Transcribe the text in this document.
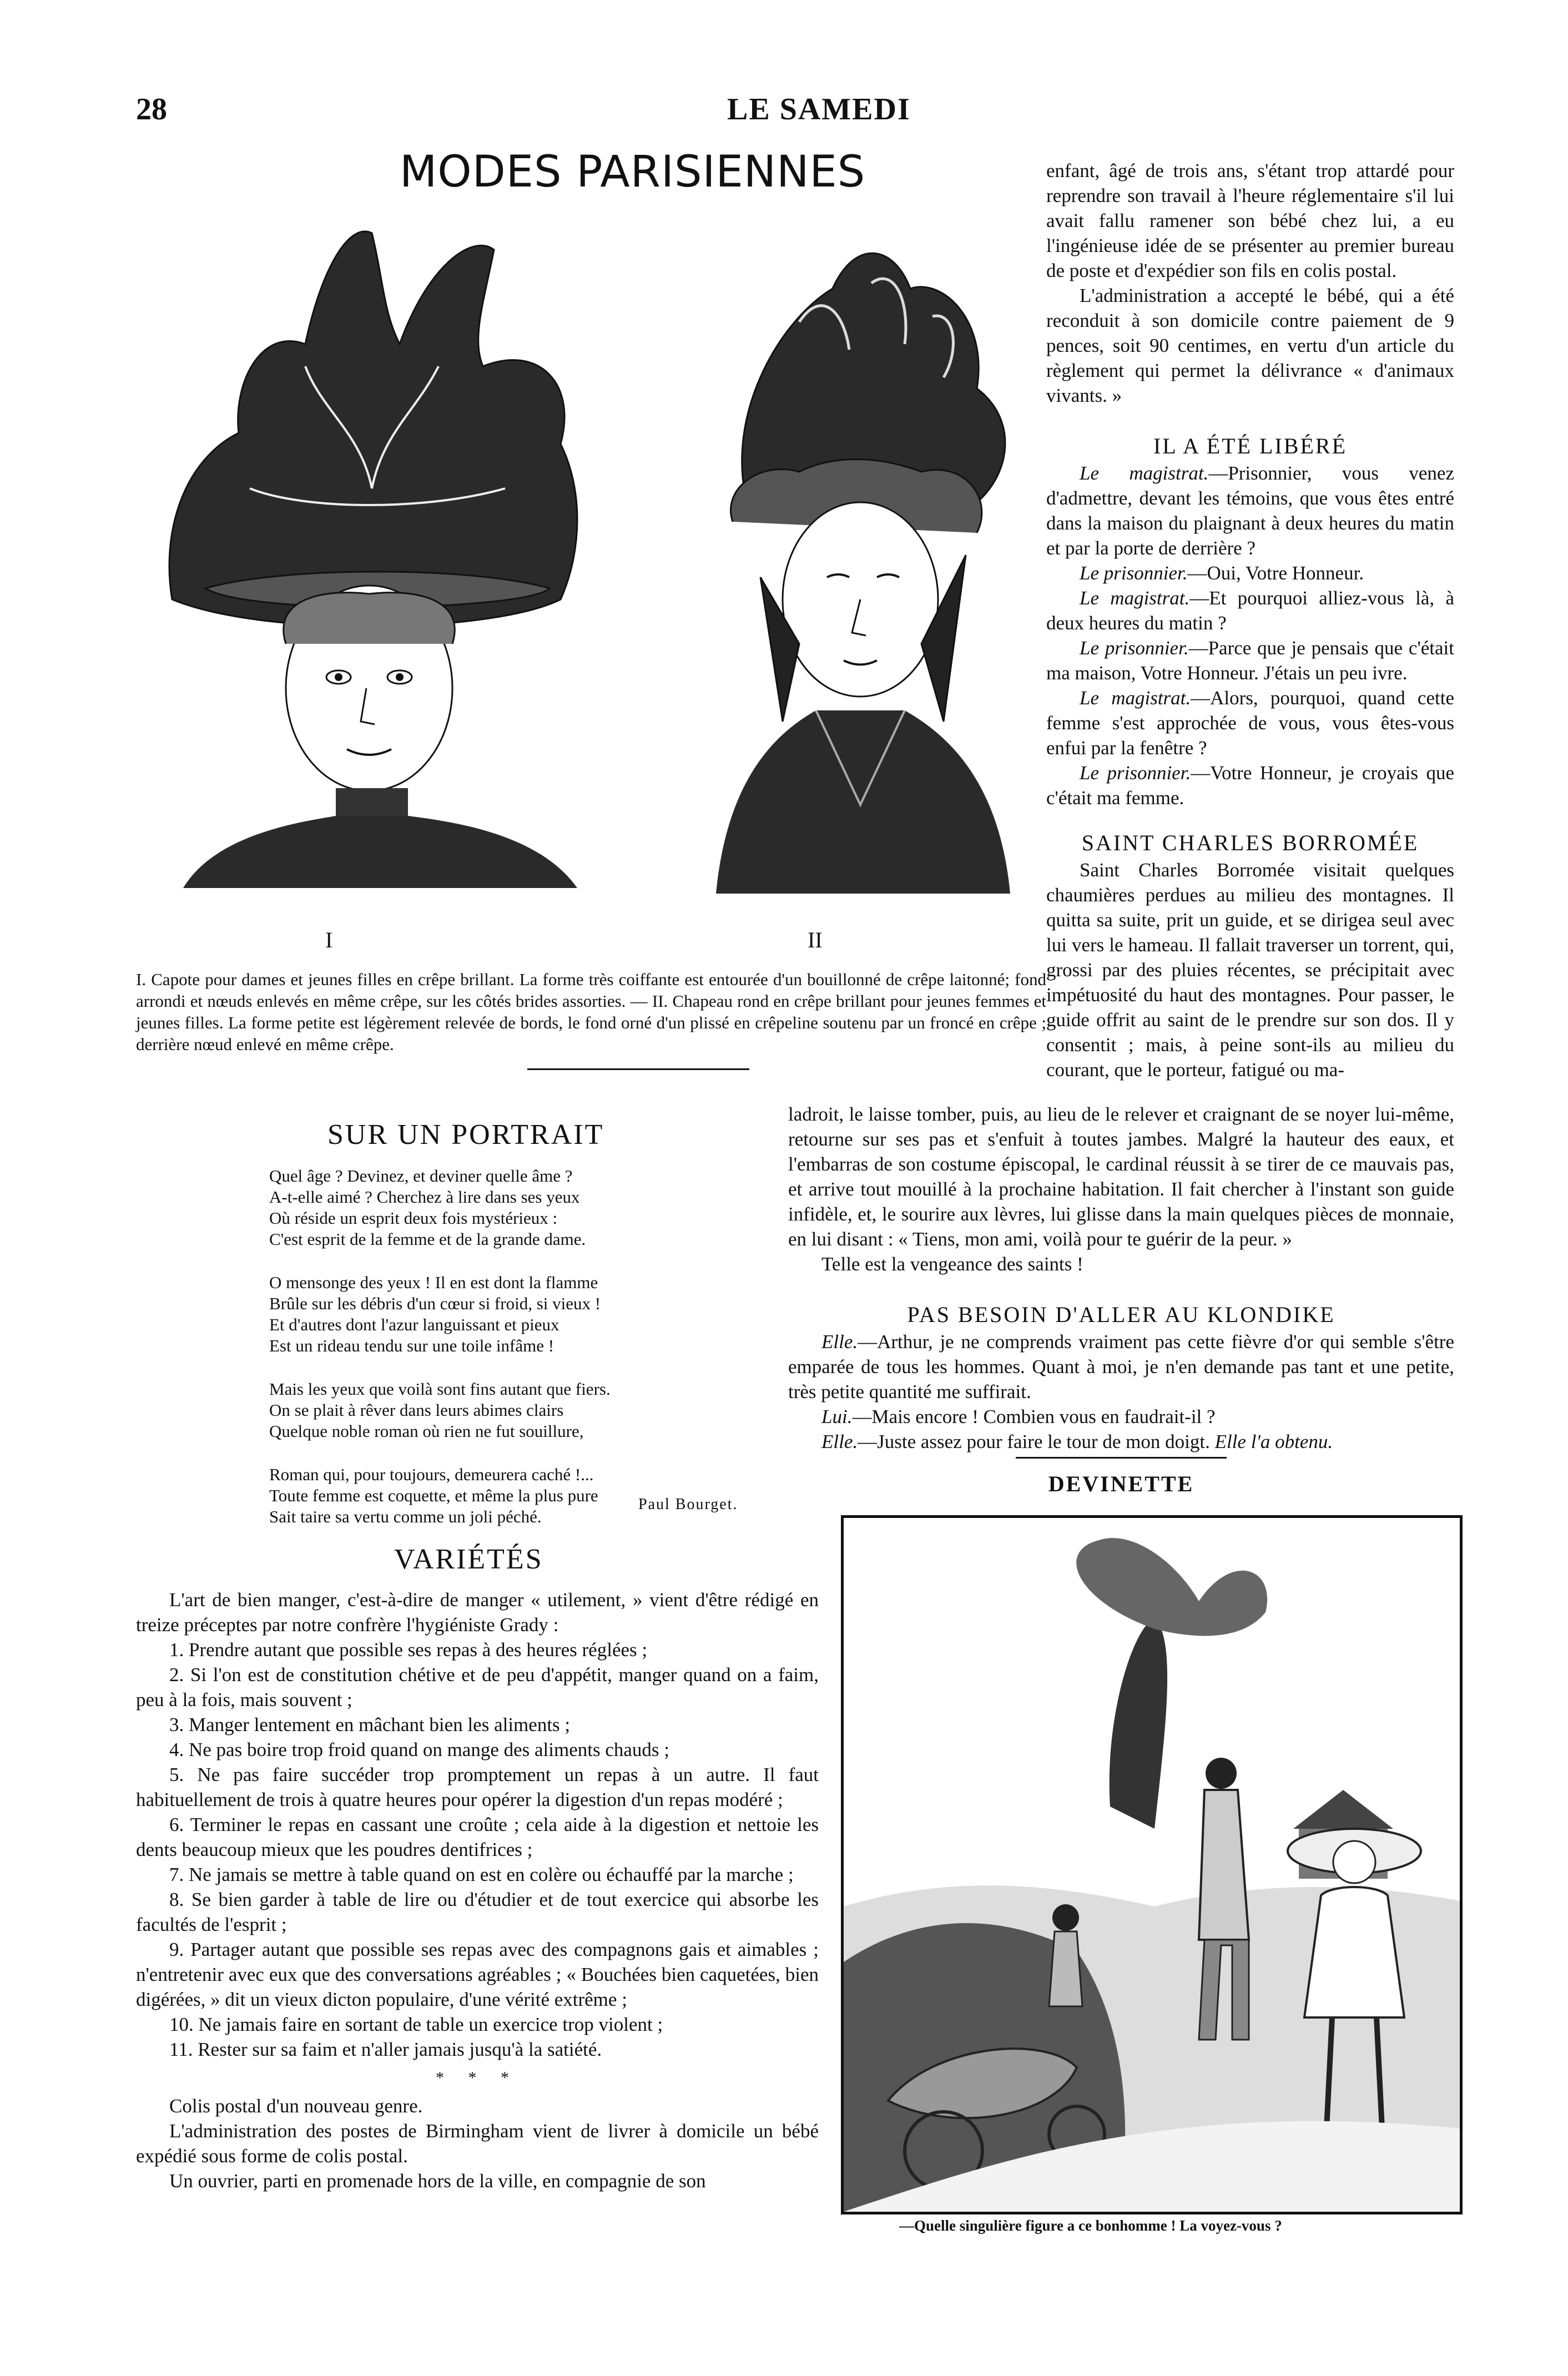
28	LE SAMEDI
MODES PARISIENNES
I	II

I. Capote pour dames et jeunes filles en crêpe brillant. La forme très coiffante est entourée d'un bouillonné de crêpe laitonné; fond arrondi et nœuds enlevés en même crêpe, sur les côtés brides assorties. — II. Chapeau rond en crêpe brillant pour jeunes femmes et jeunes filles. La forme petite est légèrement relevée de bords, le fond orné d'un plissé en crêpeline soutenu par un froncé en crêpe ; derrière nœud enlevé en même crêpe.

SUR UN PORTRAIT
Quel âge ? Devinez, et deviner quelle âme ?
A-t-elle aimé ? Cherchez à lire dans ses yeux
Où réside un esprit deux fois mystérieux :
C'est esprit de la femme et de la grande dame.
O mensonge des yeux ! Il en est dont la flamme
Brûle sur les débris d'un cœur si froid, si vieux !
Et d'autres dont l'azur languissant et pieux
Est un rideau tendu sur une toile infâme !
Mais les yeux que voilà sont fins autant que fiers.
On se plait à rêver dans leurs abimes clairs
Quelque noble roman où rien ne fut souillure,
Roman qui, pour toujours, demeurera caché !...
Toute femme est coquette, et même la plus pure
Sait taire sa vertu comme un joli péché.
Paul Bourget.
VARIÉTÉS

L'art de bien manger, c'est-à-dire de manger « utilement, » vient d'être rédigé en treize préceptes par notre confrère l'hygiéniste Grady :

1. Prendre autant que possible ses repas à des heures réglées ;

2. Si l'on est de constitution chétive et de peu d'appétit, manger quand on a faim, peu à la fois, mais souvent ;

3. Manger lentement en mâchant bien les aliments ;

4. Ne pas boire trop froid quand on mange des aliments chauds ;

5. Ne pas faire succéder trop promptement un repas à un autre. Il faut habituellement de trois à quatre heures pour opérer la digestion d'un repas modéré ;

6. Terminer le repas en cassant une croûte ; cela aide à la digestion et nettoie les dents beaucoup mieux que les poudres dentifrices ;

7. Ne jamais se mettre à table quand on est en colère ou échauffé par la marche ;

8. Se bien garder à table de lire ou d'étudier et de tout exercice qui absorbe les facultés de l'esprit ;

9. Partager autant que possible ses repas avec des compagnons gais et aimables ; n'entretenir avec eux que des conversations agréables ; « Bouchées bien caquetées, bien digérées, » dit un vieux dicton populaire, d'une vérité extrême ;

10. Ne jamais faire en sortant de table un exercice trop violent ;

11. Rester sur sa faim et n'aller jamais jusqu'à la satiété.

* * *

Colis postal d'un nouveau genre.

L'administration des postes de Birmingham vient de livrer à domicile un bébé expédié sous forme de colis postal.

Un ouvrier, parti en promenade hors de la ville, en compagnie de son

enfant, âgé de trois ans, s'étant trop attardé pour reprendre son travail à l'heure réglementaire s'il lui avait fallu ramener son bébé chez lui, a eu l'ingénieuse idée de se présenter au premier bureau de poste et d'expédier son fils en colis postal.

L'administration a accepté le bébé, qui a été reconduit à son domicile contre paiement de 9 pences, soit 90 centimes, en vertu d'un article du règlement qui permet la délivrance « d'animaux vivants. »

IL A ÉTÉ LIBÉRÉ

Le magistrat.—Prisonnier, vous venez d'admettre, devant les témoins, que vous êtes entré dans la maison du plaignant à deux heures du matin et par la porte de derrière ?

Le prisonnier.—Oui, Votre Honneur.

Le magistrat.—Et pourquoi alliez-vous là, à deux heures du matin ?

Le prisonnier.—Parce que je pensais que c'était ma maison, Votre Honneur. J'étais un peu ivre.

Le magistrat.—Alors, pourquoi, quand cette femme s'est approchée de vous, vous êtes-vous enfui par la fenêtre ?

Le prisonnier.—Votre Honneur, je croyais que c'était ma femme.

SAINT CHARLES BORROMÉE

Saint Charles Borromée visitait quelques chaumières perdues au milieu des montagnes. Il quitta sa suite, prit un guide, et se dirigea seul avec lui vers le hameau. Il fallait traverser un torrent, qui, grossi par des pluies récentes, se précipitait avec impétuosité du haut des montagnes. Pour passer, le guide offrit au saint de le prendre sur son dos. Il y consentit ; mais, à peine sont-ils au milieu du courant, que le porteur, fatigué ou ma-

ladroit, le laisse tomber, puis, au lieu de le relever et craignant de se noyer lui-même, retourne sur ses pas et s'enfuit à toutes jambes. Malgré la hauteur des eaux, et l'embarras de son costume épiscopal, le cardinal réussit à se tirer de ce mauvais pas, et arrive tout mouillé à la prochaine habitation. Il fait chercher à l'instant son guide infidèle, et, le sourire aux lèvres, lui glisse dans la main quelques pièces de monnaie, en lui disant : « Tiens, mon ami, voilà pour te guérir de la peur. »

Telle est la vengeance des saints !

PAS BESOIN D'ALLER AU KLONDIKE

Elle.—Arthur, je ne comprends vraiment pas cette fièvre d'or qui semble s'être emparée de tous les hommes. Quant à moi, je n'en demande pas tant et une petite, très petite quantité me suffirait.

Lui.—Mais encore ! Combien vous en faudrait-il ?

Elle.—Juste assez pour faire le tour de mon doigt. Elle l'a obtenu.

DEVINETTE
—Quelle singulière figure a ce bonhomme ! La voyez-vous ?
